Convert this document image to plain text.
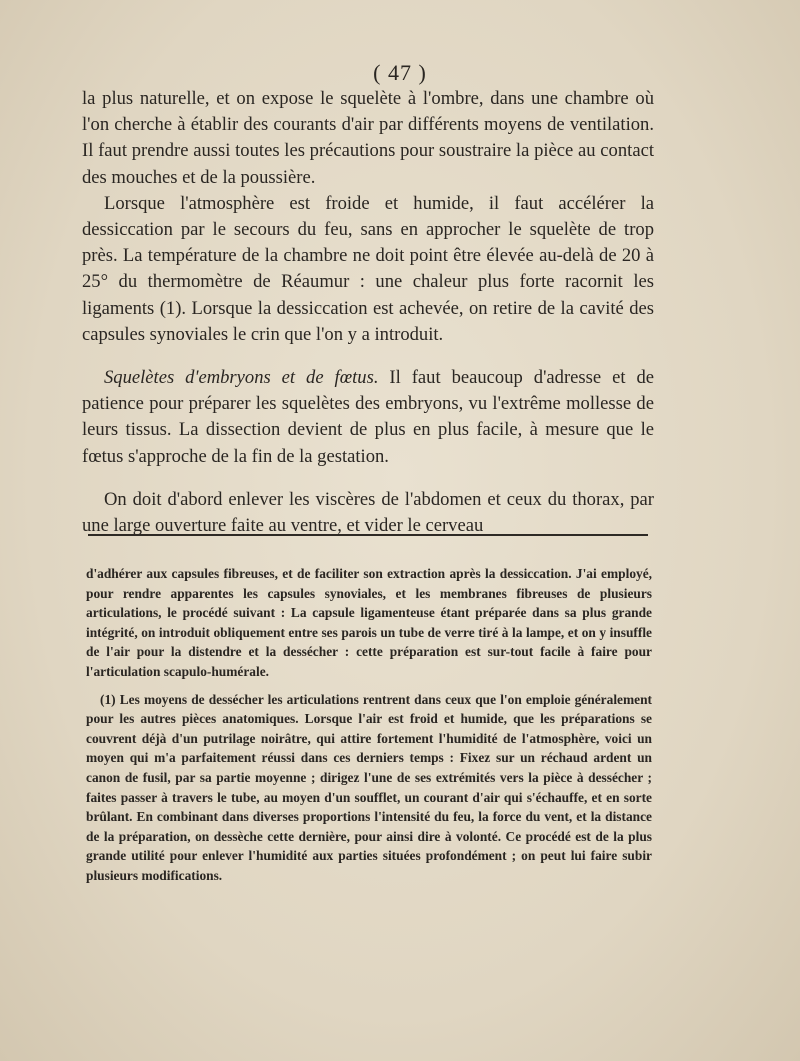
( 47 )

la plus naturelle, et on expose le squelète à l'ombre, dans une chambre où l'on cherche à établir des courants d'air par différents moyens de ventilation. Il faut prendre aussi toutes les précautions pour soustraire la pièce au contact des mouches et de la poussière.

Lorsque l'atmosphère est froide et humide, il faut accélérer la dessiccation par le secours du feu, sans en approcher le squelète de trop près. La température de la chambre ne doit point être élevée au-delà de 20 à 25° du thermomètre de Réaumur : une chaleur plus forte racornit les ligaments (1). Lorsque la dessiccation est achevée, on retire de la cavité des capsules synoviales le crin que l'on y a introduit.

Squelètes d'embryons et de fœtus. Il faut beaucoup d'adresse et de patience pour préparer les squelètes des embryons, vu l'extrême mollesse de leurs tissus. La dissection devient de plus en plus facile, à mesure que le fœtus s'approche de la fin de la gestation.

On doit d'abord enlever les viscères de l'abdomen et ceux du thorax, par une large ouverture faite au ventre, et vider le cerveau

d'adhérer aux capsules fibreuses, et de faciliter son extraction après la dessiccation. J'ai employé, pour rendre apparentes les capsules synoviales, et les membranes fibreuses de plusieurs articulations, le procédé suivant : La capsule ligamenteuse étant préparée dans sa plus grande intégrité, on introduit obliquement entre ses parois un tube de verre tiré à la lampe, et on y insuffle de l'air pour la distendre et la dessécher : cette préparation est sur-tout facile à faire pour l'articulation scapulo-humérale.

(1) Les moyens de dessécher les articulations rentrent dans ceux que l'on emploie généralement pour les autres pièces anatomiques. Lorsque l'air est froid et humide, que les préparations se couvrent déjà d'un putrilage noirâtre, qui attire fortement l'humidité de l'atmosphère, voici un moyen qui m'a parfaitement réussi dans ces derniers temps : Fixez sur un réchaud ardent un canon de fusil, par sa partie moyenne ; dirigez l'une de ses extrémités vers la pièce à dessécher ; faites passer à travers le tube, au moyen d'un soufflet, un courant d'air qui s'échauffe, et en sorte brûlant. En combinant dans diverses proportions l'intensité du feu, la force du vent, et la distance de la préparation, on dessèche cette dernière, pour ainsi dire à volonté. Ce procédé est de la plus grande utilité pour enlever l'humidité aux parties situées profondément ; on peut lui faire subir plusieurs modifications.
